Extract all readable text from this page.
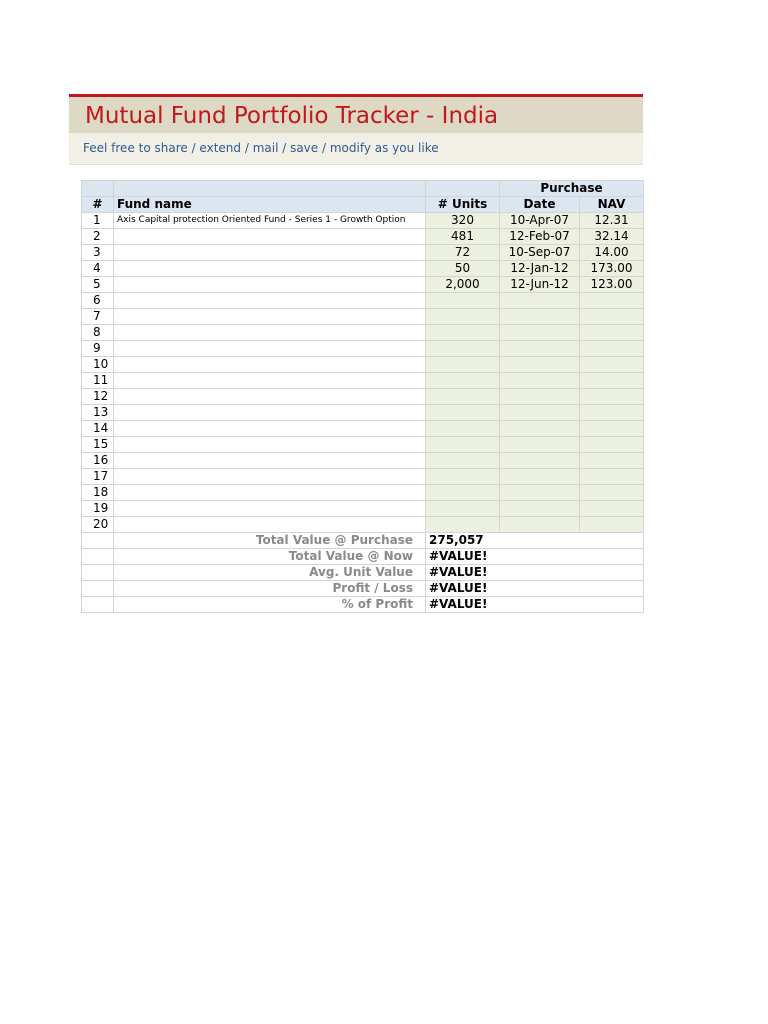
Mutual Fund Portfolio Tracker - India
Feel free to share / extend / mail / save / modify as you like
			Purchase	
#	Fund name	# Units	Date	NAV
1	Axis Capital protection Oriented Fund - Series 1 - Growth Option	320	10-Apr-07	12.31
2		481	12-Feb-07	32.14
3		72	10-Sep-07	14.00
4		50	12-Jan-12	173.00
5		2,000	12-Jun-12	123.00
6				
7				
8				
9				
10				
11				
12				
13				
14				
15				
16				
17				
18				
19				
20				
	Total Value @ Purchase	275,057		
	Total Value @ Now	#VALUE!		
	Avg. Unit Value	#VALUE!		
	Profit / Loss	#VALUE!		
	% of Profit	#VALUE!		
